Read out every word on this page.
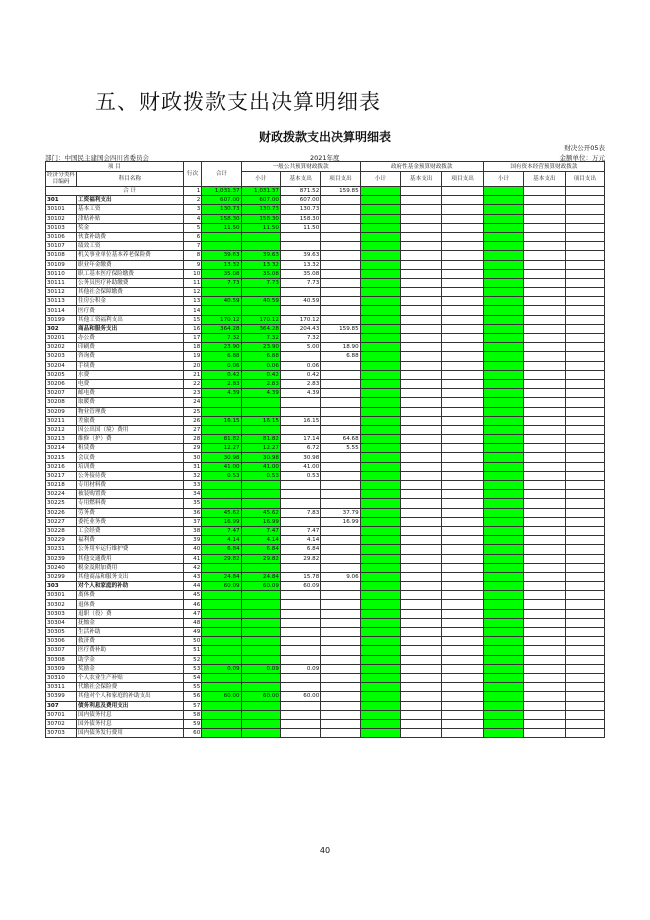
五、财政拨款支出决算明细表
财政拨款支出决算明细表
财决公开05表
部门：中国民主建国会四川省委员会	2021年度	金额单位：万元
项 目		行次	合计	一般公共预算财政拨款			政府性基金预算财政拨款			国有资本经营预算财政拨款		
经济分类科目编码	科目名称			小计	基本支出	项目支出	小计	基本支出	项目支出	小计	基本支出	项目支出

	合 计	1	1,031.37	1,031.37	871.52	159.85						
301	工资福利支出	2	607.00	607.00	607.00							
30101	基本工资	3	130.73	130.73	130.73							
30102	津贴补贴	4	158.30	158.30	158.30							
30103	奖金	5	11.50	11.50	11.50							
30106	伙食补助费	6										
30107	绩效工资	7										
30108	机关事业单位基本养老保险费	8	39.63	39.63	39.63							
30109	职业年金缴费	9	13.32	13.32	13.32							
30110	职工基本医疗保险缴费	10	35.08	35.08	35.08							
30111	公务员医疗补助缴费	11	7.73	7.73	7.73							
30112	其他社会保障缴费	12										
30113	住房公积金	13	40.59	40.59	40.59							
30114	医疗费	14										
30199	其他工资福利支出	15	170.12	170.12	170.12							
302	商品和服务支出	16	364.28	364.28	204.43	159.85						
30201	办公费	17	7.32	7.32	7.32							
30202	印刷费	18	23.90	23.90	5.00	18.90						
30203	咨询费	19	6.88	6.88		6.88						
30204	手续费	20	0.06	0.06	0.06							
30205	水费	21	0.42	0.42	0.42							
30206	电费	22	2.83	2.83	2.83							
30207	邮电费	23	4.39	4.39	4.39							
30208	取暖费	24										
30209	物业管理费	25										
30211	差旅费	26	16.15	16.15	16.15							
30212	因公出国（境）费用	27										
30213	维修（护）费	28	81.82	81.82	17.14	64.68						
30214	租赁费	29	12.27	12.27	6.72	5.55						
30215	会议费	30	30.98	30.98	30.98							
30216	培训费	31	41.00	41.00	41.00							
30217	公务接待费	32	0.53	0.53	0.53							
30218	专用材料费	33										
30224	被装购置费	34										
30225	专用燃料费	35										
30226	劳务费	36	45.62	45.62	7.83	37.79						
30227	委托业务费	37	16.99	16.99		16.99						
30228	工会经费	38	7.47	7.47	7.47							
30229	福利费	39	4.14	4.14	4.14							
30231	公务用车运行维护费	40	6.84	6.84	6.84							
30239	其他交通费用	41	29.82	29.82	29.82							
30240	税金及附加费用	42										
30299	其他商品和服务支出	43	24.84	24.84	15.78	9.06						
303	对个人和家庭的补助	44	60.09	60.09	60.09							
30301	离休费	45										
30302	退休费	46										
30303	退职（役）费	47										
30304	抚恤金	48										
30305	生活补助	49										
30306	救济费	50										
30307	医疗费补助	51										
30308	助学金	52										
30309	奖励金	53	0.09	0.09	0.09							
30310	个人农业生产补贴	54										
30311	代缴社会保险费	55										
30399	其他对个人和家庭的补助支出	56	60.00	60.00	60.00							
307	债务利息及费用支出	57										
30701	国内债务付息	58										
30702	国外债务付息	59										
30703	国内债务发行费用	60										
40
